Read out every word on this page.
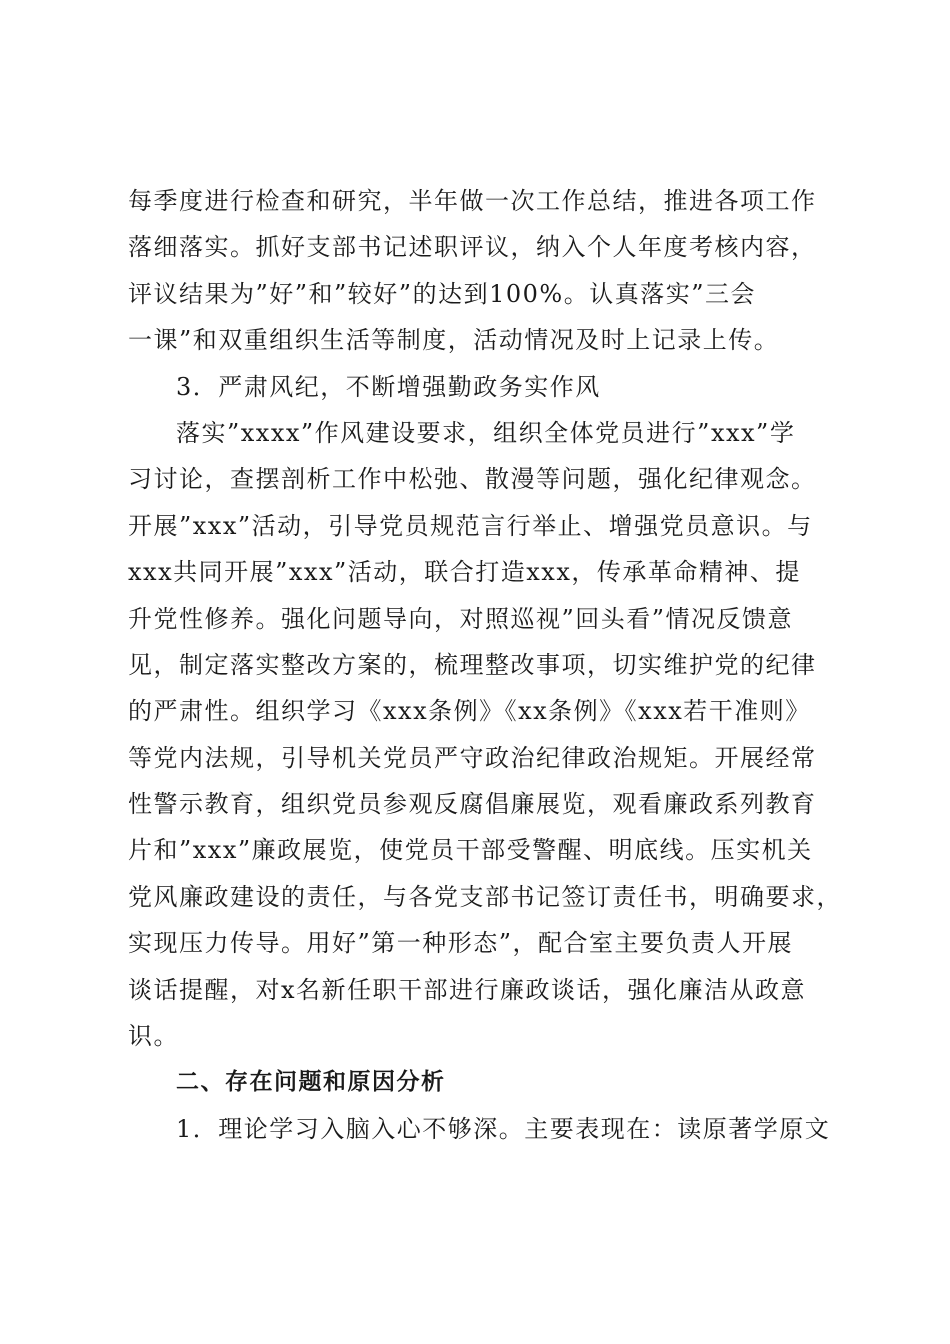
每季度进行检查和研究，半年做一次工作总结，推进各项工作
落细落实。抓好支部书记述职评议，纳入个人年度考核内容，
评议结果为”好”和”较好”的达到100%。认真落实”三会
一课”和双重组织生活等制度，活动情况及时上记录上传。
3．严肃风纪，不断增强勤政务实作风
落实”xxxx”作风建设要求，组织全体党员进行”xxx”学
习讨论，查摆剖析工作中松弛、散漫等问题，强化纪律观念。
开展”xxx”活动，引导党员规范言行举止、增强党员意识。与
xxx共同开展”xxx”活动，联合打造xxx，传承革命精神、提
升党性修养。强化问题导向，对照巡视”回头看”情况反馈意
见，制定落实整改方案的，梳理整改事项，切实维护党的纪律
的严肃性。组织学习《xxx条例》《xx条例》《xxx若干准则》
等党内法规，引导机关党员严守政治纪律政治规矩。开展经常
性警示教育，组织党员参观反腐倡廉展览，观看廉政系列教育
片和”xxx”廉政展览，使党员干部受警醒、明底线。压实机关
党风廉政建设的责任，与各党支部书记签订责任书，明确要求，
实现压力传导。用好”第一种形态”，配合室主要负责人开展
谈话提醒，对x名新任职干部进行廉政谈话，强化廉洁从政意
识。
二、存在问题和原因分析
1．理论学习入脑入心不够深。主要表现在：读原著学原文
